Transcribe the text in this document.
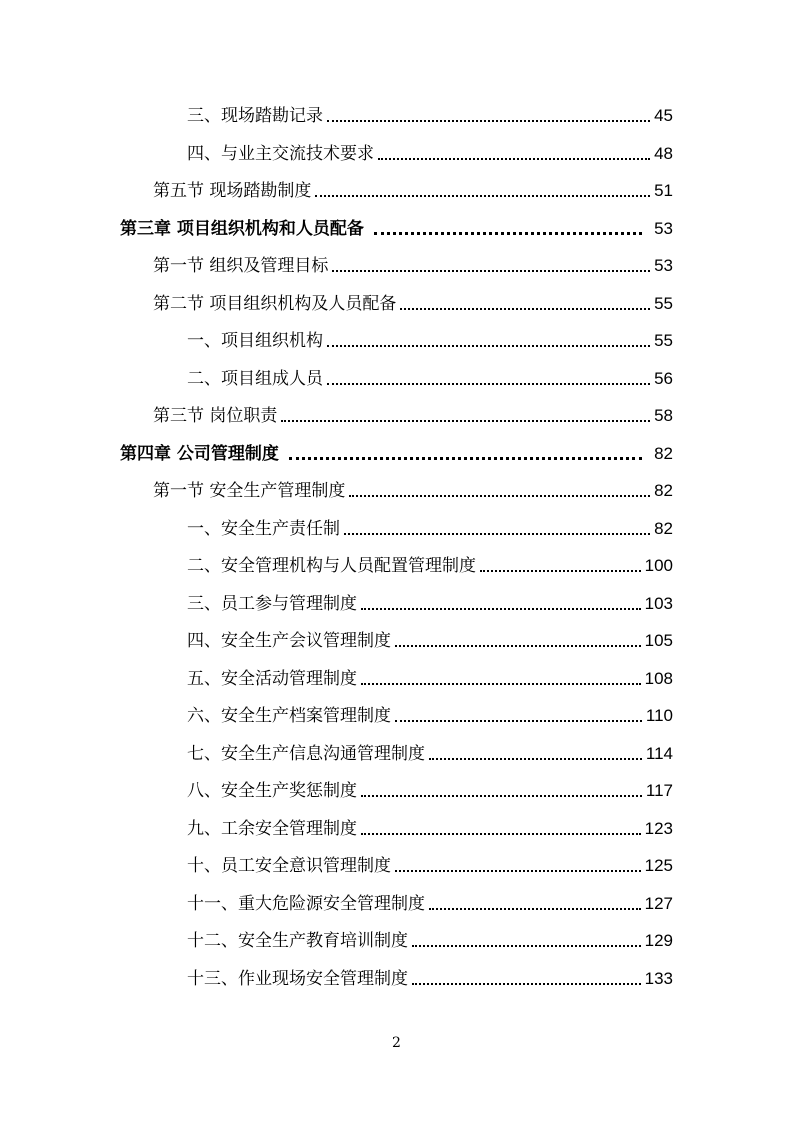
三、现场踏勘记录	45
四、与业主交流技术要求	48
第五节 现场踏勘制度	51
第三章 项目组织机构和人员配备	53
第一节 组织及管理目标	53
第二节 项目组织机构及人员配备	55
一、项目组织机构	55
二、项目组成人员	56
第三节 岗位职责	58
第四章 公司管理制度	82
第一节 安全生产管理制度	82
一、安全生产责任制	82
二、安全管理机构与人员配置管理制度	100
三、员工参与管理制度	103
四、安全生产会议管理制度	105
五、安全活动管理制度	108
六、安全生产档案管理制度	110
七、安全生产信息沟通管理制度	114
八、安全生产奖惩制度	117
九、工余安全管理制度	123
十、员工安全意识管理制度	125
十一、重大危险源安全管理制度	127
十二、安全生产教育培训制度	129
十三、作业现场安全管理制度	133
2
